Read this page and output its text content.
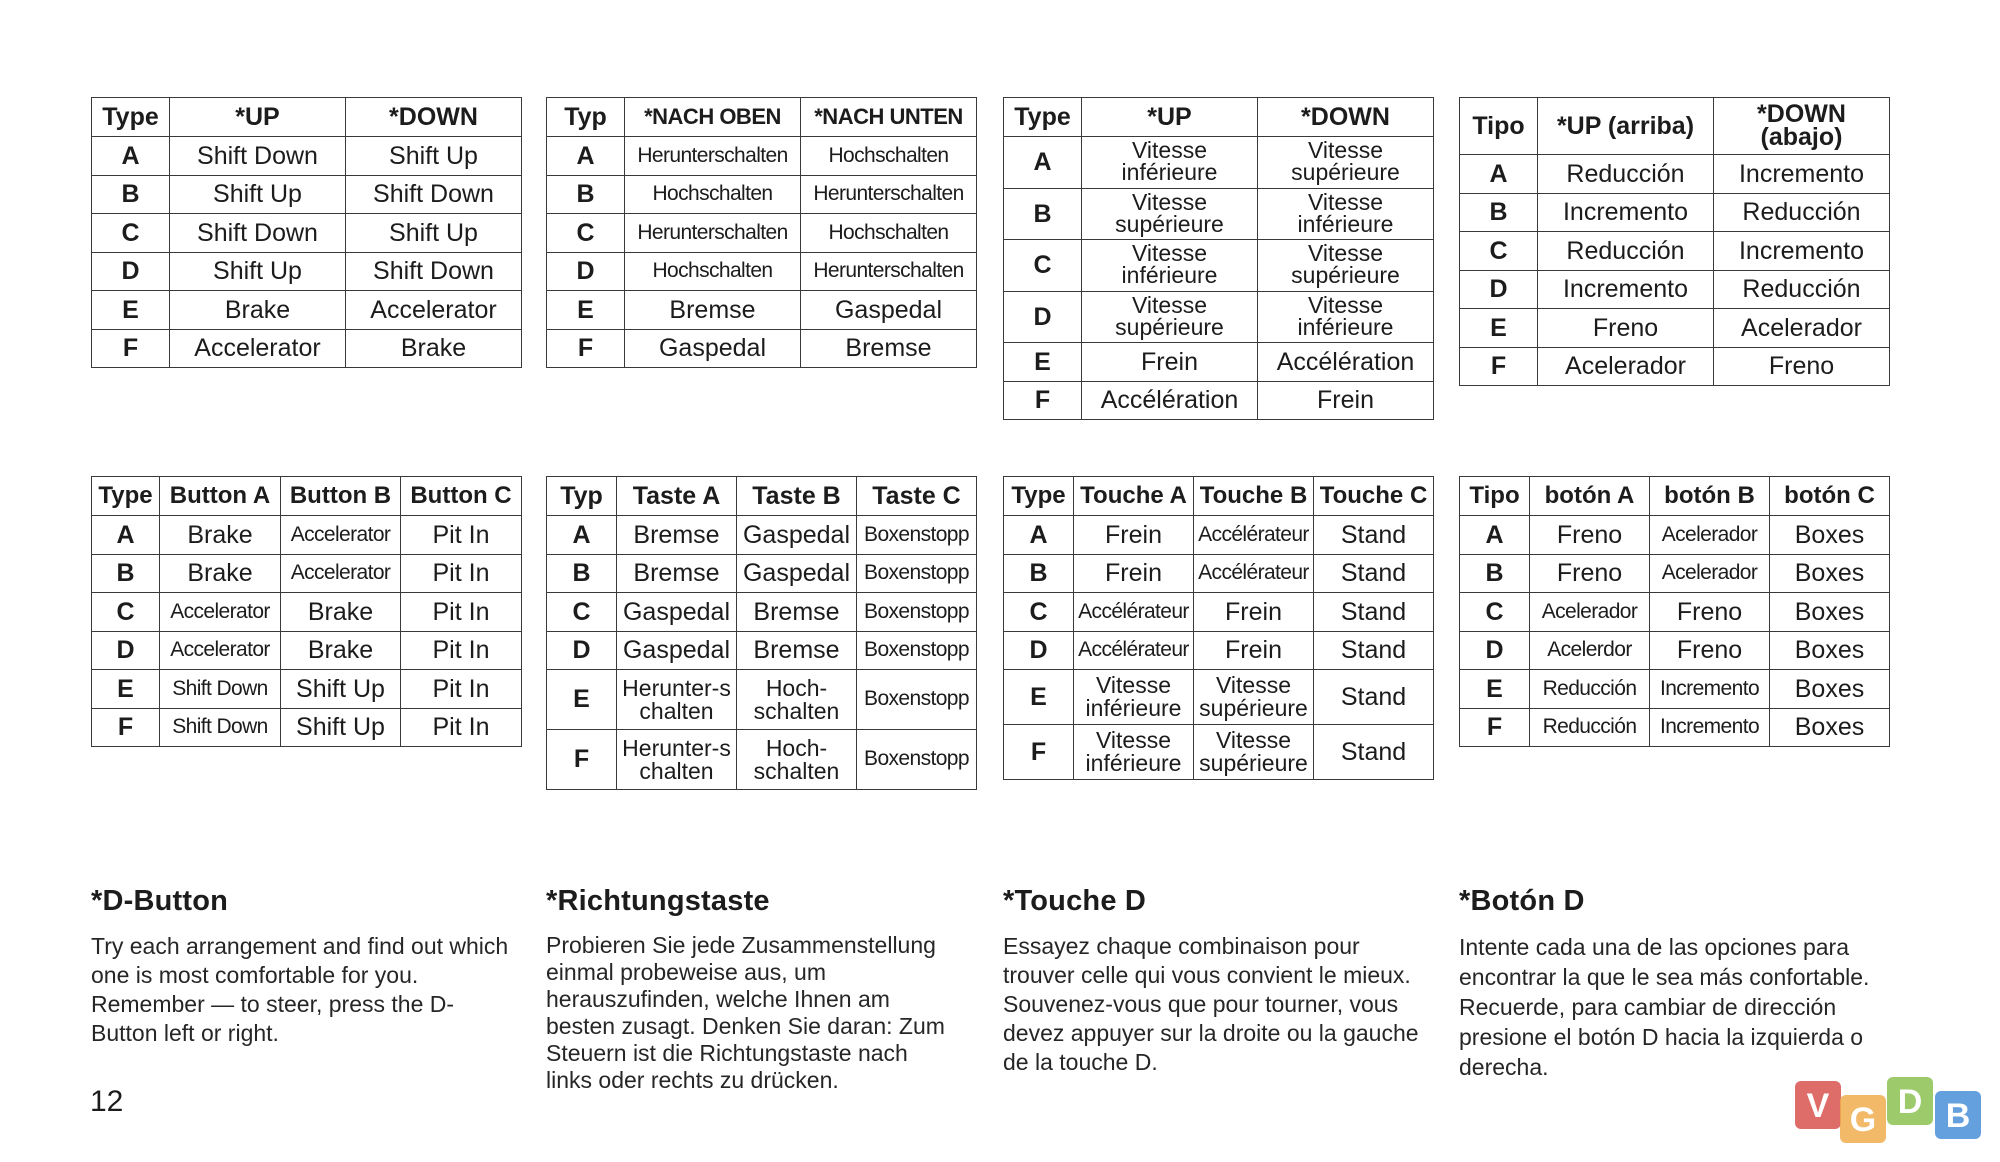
Type	*UP	*DOWN
A	Shift Down	Shift Up
B	Shift Up	Shift Down
C	Shift Down	Shift Up
D	Shift Up	Shift Down
E	Brake	Accelerator
F	Accelerator	Brake
Typ	*NACH OBEN	*NACH UNTEN
A	Herunterschalten	Hochschalten
B	Hochschalten	Herunterschalten
C	Herunterschalten	Hochschalten
D	Hochschalten	Herunterschalten
E	Bremse	Gaspedal
F	Gaspedal	Bremse
Type	*UP	*DOWN
A	Vitesse inférieure	Vitesse supérieure
B	Vitesse supérieure	Vitesse inférieure
C	Vitesse inférieure	Vitesse supérieure
D	Vitesse supérieure	Vitesse inférieure
E	Frein	Accélération
F	Accélération	Frein
Tipo	*UP (arriba)	*DOWN (abajo)
A	Reducción	Incremento
B	Incremento	Reducción
C	Reducción	Incremento
D	Incremento	Reducción
E	Freno	Acelerador
F	Acelerador	Freno
Type	Button A	Button B	Button C
A	Brake	Accelerator	Pit In
B	Brake	Accelerator	Pit In
C	Accelerator	Brake	Pit In
D	Accelerator	Brake	Pit In
E	Shift Down	Shift Up	Pit In
F	Shift Down	Shift Up	Pit In
Typ	Taste A	Taste B	Taste C
A	Bremse	Gaspedal	Boxenstopp
B	Bremse	Gaspedal	Boxenstopp
C	Gaspedal	Bremse	Boxenstopp
D	Gaspedal	Bremse	Boxenstopp
E	Herunter-schalten	Hoch-schalten	Boxenstopp
F	Herunter-schalten	Hoch-schalten	Boxenstopp
Type	Touche A	Touche B	Touche C
A	Frein	Accélérateur	Stand
B	Frein	Accélérateur	Stand
C	Accélérateur	Frein	Stand
D	Accélérateur	Frein	Stand
E	Vitesse inférieure	Vitesse supérieure	Stand
F	Vitesse inférieure	Vitesse supérieure	Stand
Tipo	botón A	botón B	botón C
A	Freno	Acelerador	Boxes
B	Freno	Acelerador	Boxes
C	Acelerador	Freno	Boxes
D	Acelerdor	Freno	Boxes
E	Reducción	Incremento	Boxes
F	Reducción	Incremento	Boxes
*D-Button

Try each arrangement and find out which one is most comfortable for you. Remember — to steer, press the D-Button left or right.

*Richtungstaste

Probieren Sie jede Zusammenstellung einmal probeweise aus, um herauszufinden, welche Ihnen am besten zusagt. Denken Sie daran: Zum Steuern ist die Richtungstaste nach links oder rechts zu drücken.

*Touche D

Essayez chaque combinaison pour trouver celle qui vous convient le mieux. Souvenez-vous que pour tourner, vous devez appuyer sur la droite ou la gauche de la touche D.

*Botón D

Intente cada una de las opciones para encontrar la que le sea más confortable. Recuerde, para cambiar de dirección presione el botón D hacia la izquierda o derecha.

12	V G D B
